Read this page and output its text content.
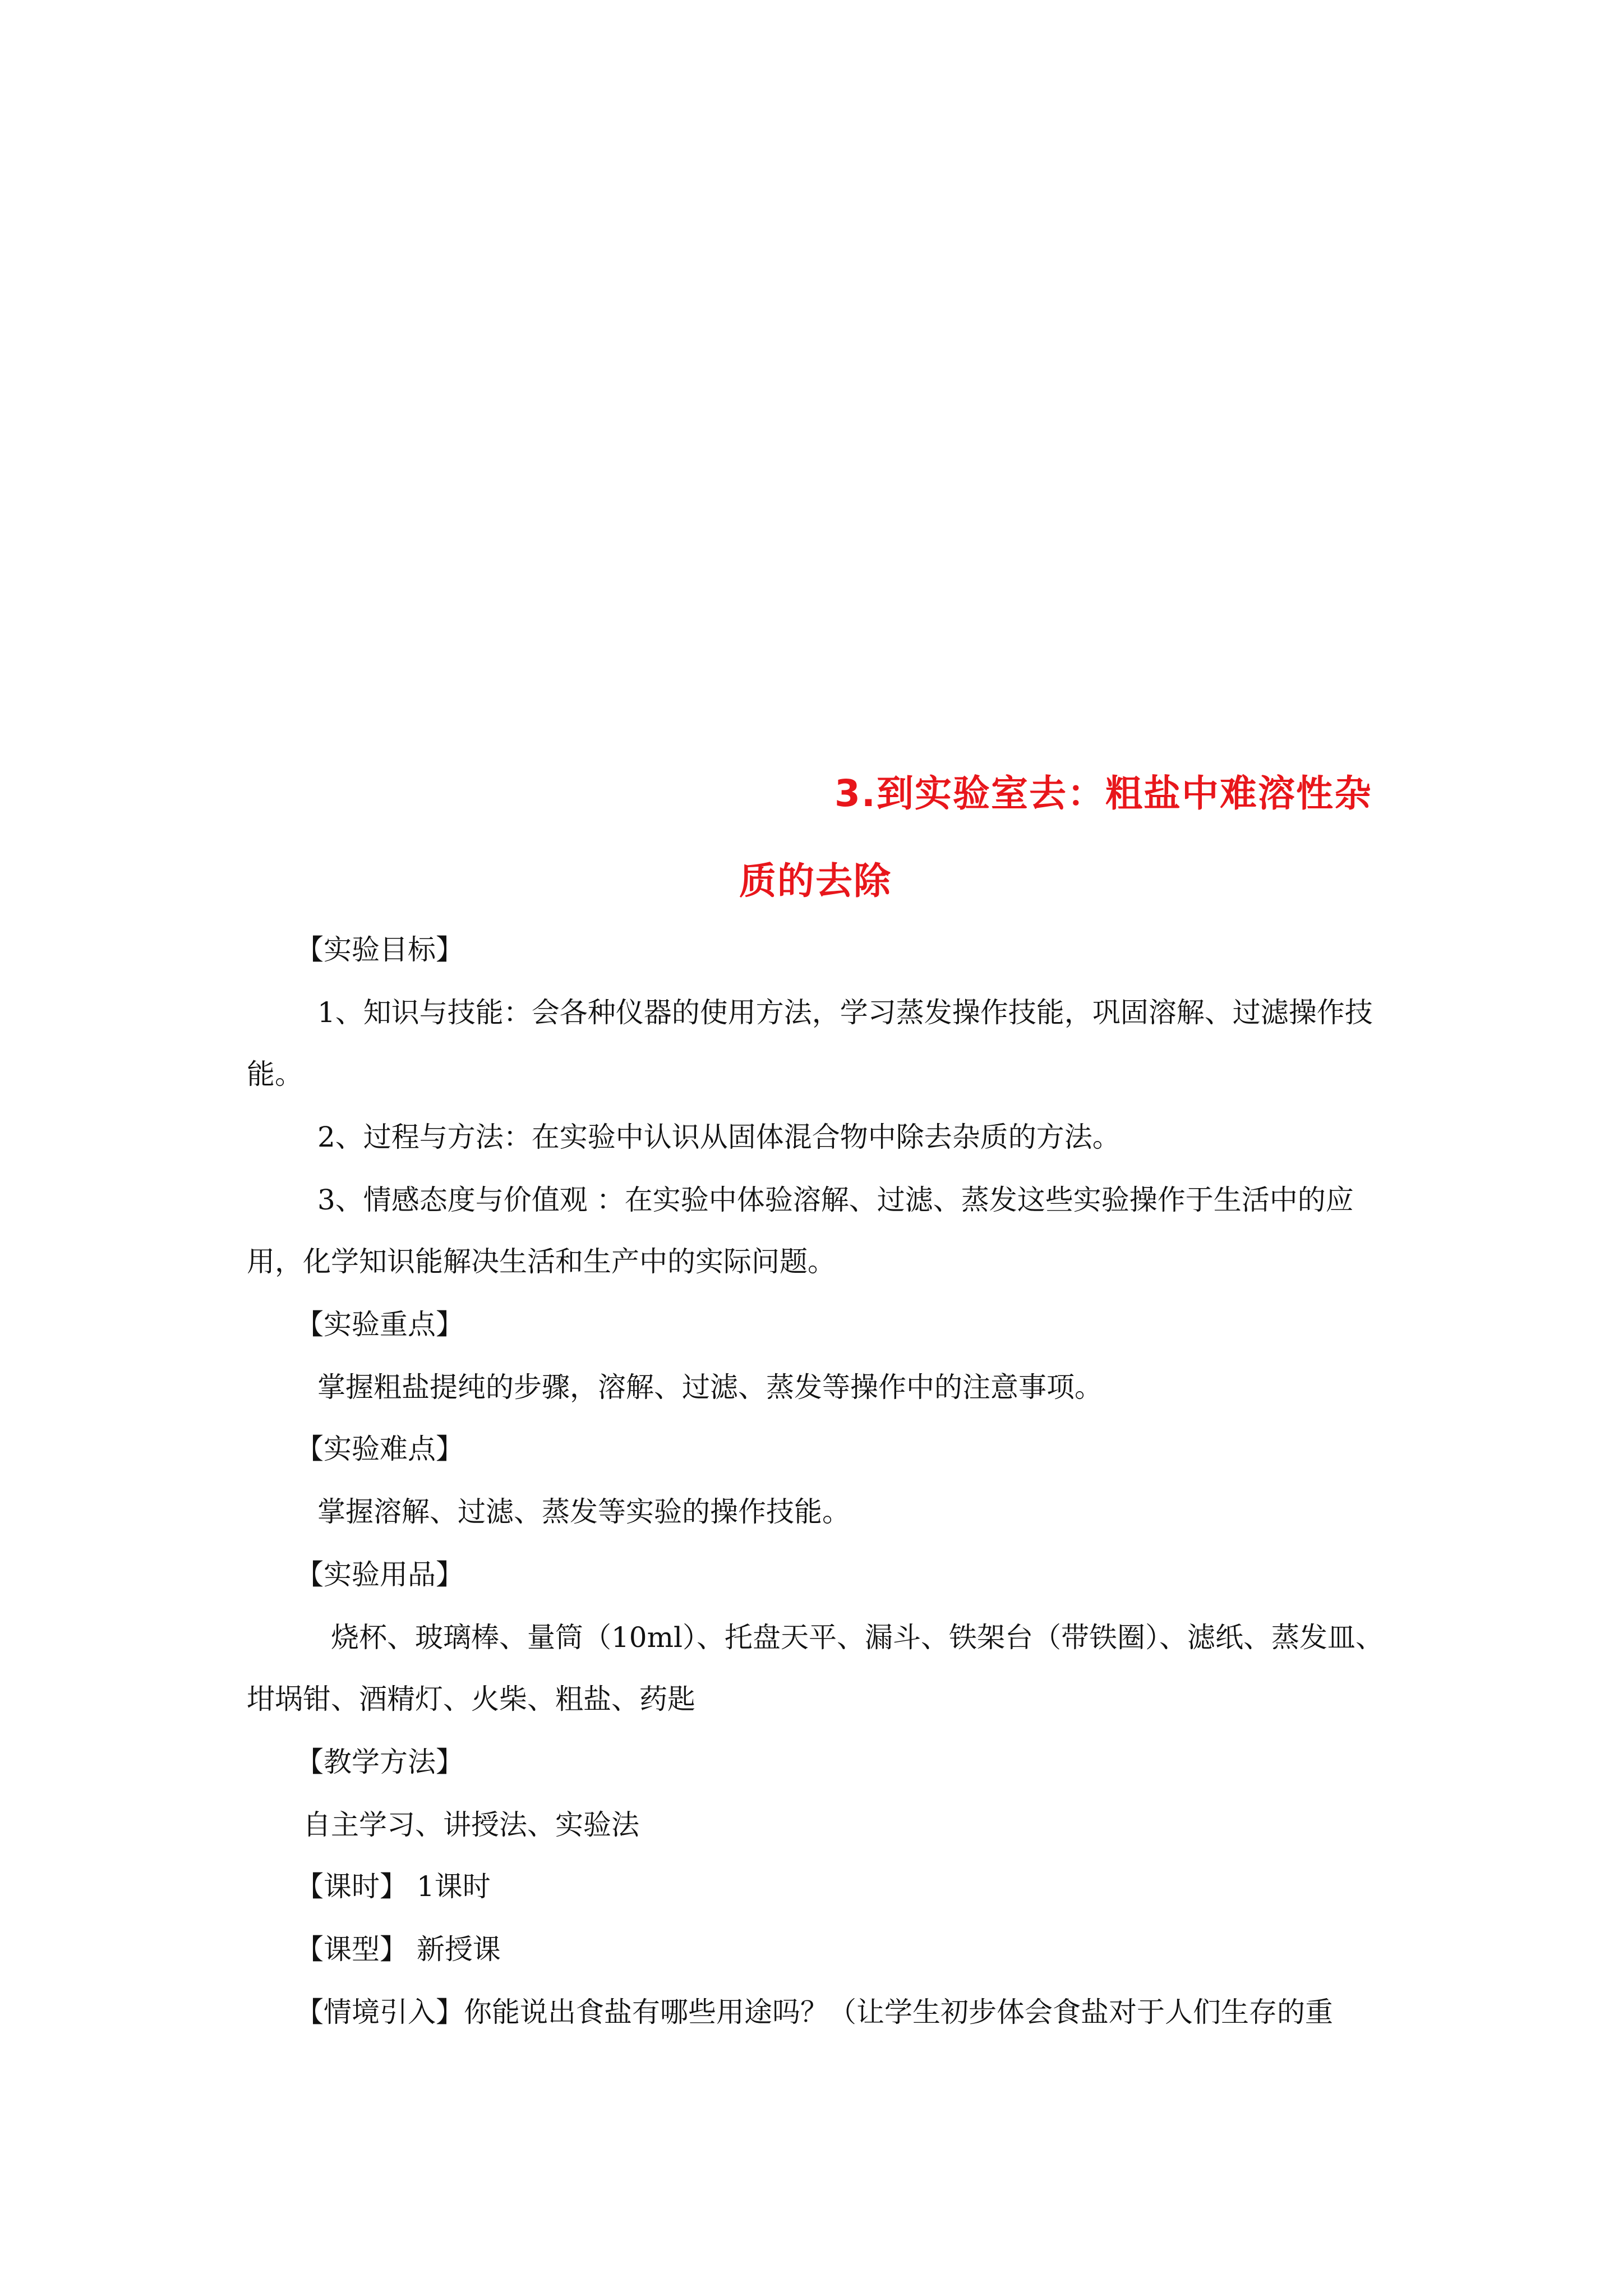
3.到实验室去：粗盐中难溶性杂
质的去除
【实验目标】
1、知识与技能：会各种仪器的使用方法，学习蒸发操作技能，巩固溶解、过滤操作技
能。
2、过程与方法：在实验中认识从固体混合物中除去杂质的方法。
3、情感态度与价值观 ：在实验中体验溶解、过滤、蒸发这些实验操作于生活中的应
用，化学知识能解决生活和生产中的实际问题。
【实验重点】
掌握粗盐提纯的步骤，溶解、过滤、蒸发等操作中的注意事项。
【实验难点】
掌握溶解、过滤、蒸发等实验的操作技能。
【实验用品】
烧杯、玻璃棒、量筒（10ml）、托盘天平、漏斗、铁架台（带铁圈）、滤纸、蒸发皿、
坩埚钳、酒精灯、火柴、粗盐、药匙
【教学方法】
自主学习、讲授法、实验法
【课时】 1课时
【课型】 新授课
【情境引入】你能说出食盐有哪些用途吗？（让学生初步体会食盐对于人们生存的重
